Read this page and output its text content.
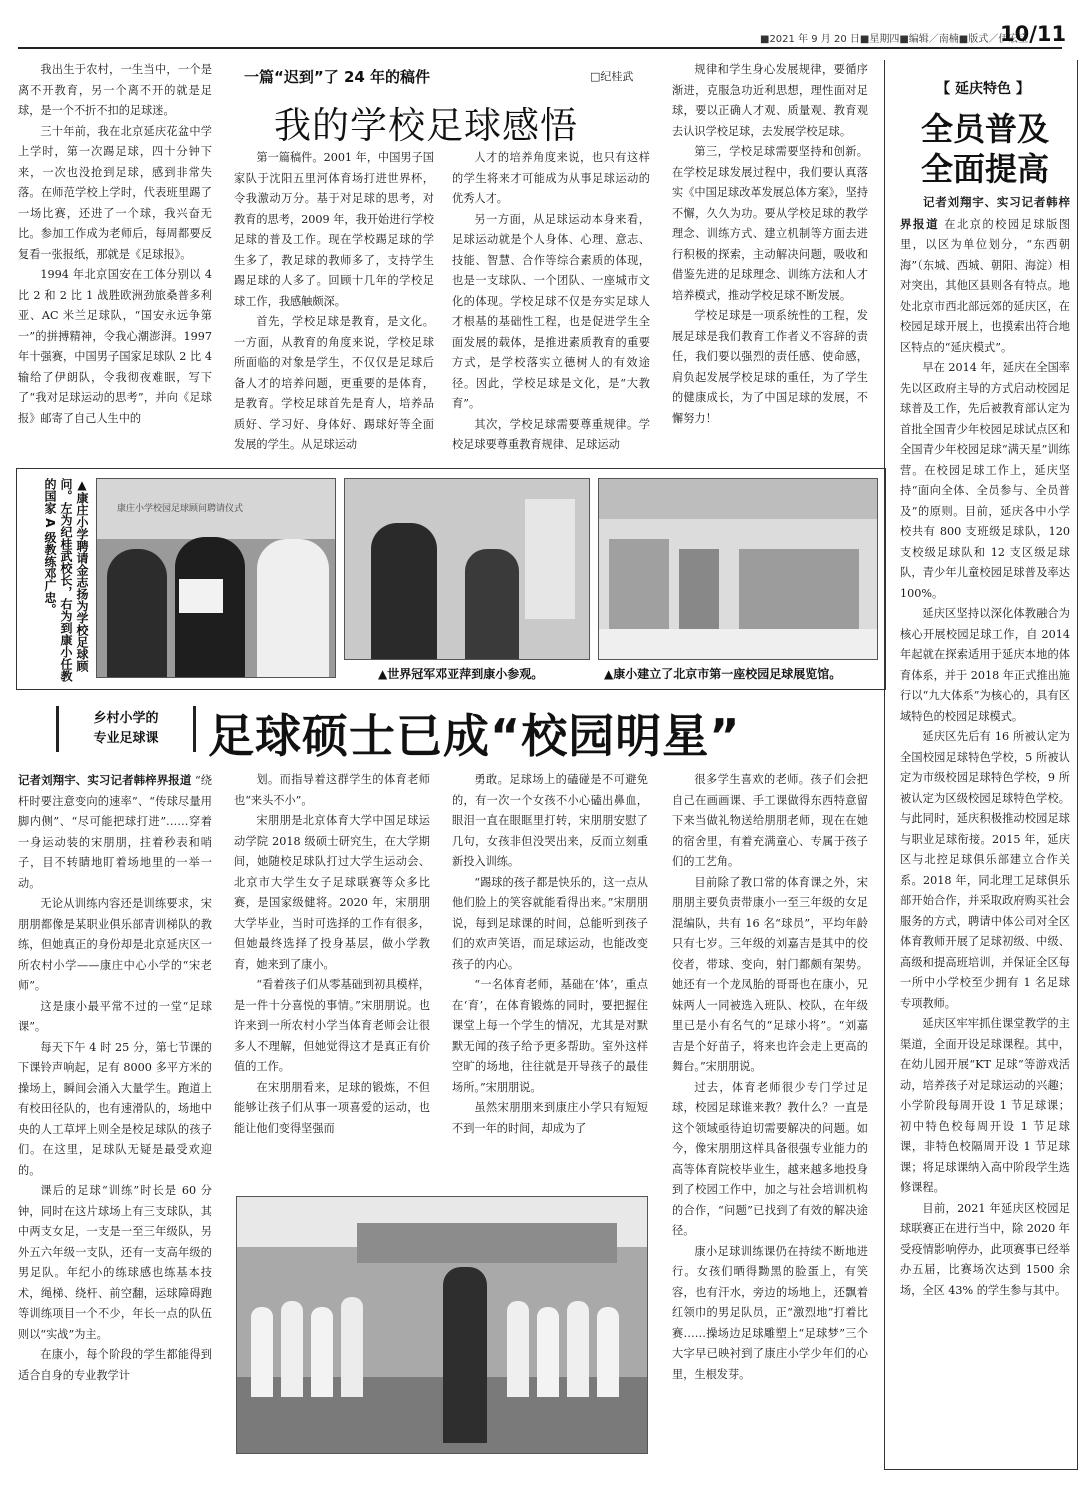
■2021 年 9 月 20 日■星期四■编辑／南楠■版式／伊宏宝
10/11

我出生于农村，一生当中，一个是离不开教育，另一个离不开的就是足球，是一个不折不扣的足球迷。

三十年前，我在北京延庆花盆中学上学时，第一次踢足球，四十分钟下来，一次也没抢到足球，感到非常失落。在师范学校上学时，代表班里踢了一场比赛，还进了一个球，我兴奋无比。参加工作成为老师后，每周都要反复看一张报纸，那就是《足球报》。

1994 年北京国安在工体分别以 4 比 2 和 2 比 1 战胜欧洲劲旅桑普多利亚、AC 米兰足球队，“国安永远争第一”的拼搏精神，令我心潮澎湃。1997 年十强赛，中国男子国家足球队 2 比 4 输给了伊朗队，令我彻夜难眠，写下了“我对足球运动的思考”，并向《足球报》邮寄了自己人生中的

一篇“迟到”了 24 年的稿件	□纪桂武
我的学校足球感悟

第一篇稿件。2001 年，中国男子国家队于沈阳五里河体育场打进世界杯，令我激动万分。基于对足球的思考，对教育的思考，2009 年，我开始进行学校足球的普及工作。现在学校踢足球的学生多了，教足球的教师多了，支持学生踢足球的人多了。回顾十几年的学校足球工作，我感触颇深。

首先，学校足球是教育，是文化。一方面，从教育的角度来说，学校足球所面临的对象是学生，不仅仅是足球后备人才的培养问题，更重要的是体育，是教育。学校足球首先是育人，培养品质好、学习好、身体好、踢球好等全面发展的学生。从足球运动

人才的培养角度来说，也只有这样的学生将来才可能成为从事足球运动的优秀人才。

另一方面，从足球运动本身来看，足球运动就是个人身体、心理、意志、技能、智慧、合作等综合素质的体现，也是一支球队、一个团队、一座城市文化的体现。学校足球不仅是夯实足球人才根基的基础性工程，也是促进学生全面发展的载体，是推进素质教育的重要方式，是学校落实立德树人的有效途径。因此，学校足球是文化，是“大教育”。

其次，学校足球需要尊重规律。学校足球要尊重教育规律、足球运动

规律和学生身心发展规律，要循序渐进，克服急功近利思想，理性面对足球，要以正确人才观、质量观、教育观去认识学校足球，去发展学校足球。

第三，学校足球需要坚持和创新。在学校足球发展过程中，我们要认真落实《中国足球改革发展总体方案》，坚持不懈，久久为功。要从学校足球的教学理念、训练方式、建立机制等方面去进行积极的探索，主动解决问题，吸收和借鉴先进的足球理念、训练方法和人才培养模式，推动学校足球不断发展。

学校足球是一项系统性的工程，发展足球是我们教育工作者义不容辞的责任，我们要以强烈的责任感、使命感，肩负起发展学校足球的重任，为了学生的健康成长，为了中国足球的发展，不懈努力！

▲康庄小学聘请金志扬为学校足球顾问。左为纪桂武校长，右为到康小任教的国家 A 级教练邓广忠。	康庄小学校园足球顾问聘请仪式
▲世界冠军邓亚萍到康小参观。	▲康小建立了北京市第一座校园足球展览馆。
乡村小学的
专业足球课	足球硕士已成“校园明星”
记者刘翔宇、实习记者韩梓界报道 “绕杆时要注意变向的速率”、“传球尽量用脚内侧”、“尽可能把球打进”……穿着一身运动装的宋朋朋，拄着秒表和哨子，目不转睛地盯着场地里的一举一动。

无论从训练内容还是训练要求，宋朋朋都像是某职业俱乐部青训梯队的教练，但她真正的身份却是北京延庆区一所农村小学——康庄中心小学的“宋老师”。

这是康小最平常不过的一堂“足球课”。

每天下午 4 时 25 分，第七节课的下课铃声响起，足有 8000 多平方米的操场上，瞬间会涌入大量学生。跑道上有校田径队的，也有速滑队的，场地中央的人工草坪上则全是校足球队的孩子们。在这里，足球队无疑是最受欢迎的。

课后的足球“训练”时长是 60 分钟，同时在这片球场上有三支球队，其中两支女足，一支是一至三年级队，另外五六年级一支队，还有一支高年级的男足队。年纪小的练球感也练基本技术，绳梯、绕杆、前空翻，运球障碍跑等训练项目一个不少，年长一点的队伍则以“实战”为主。

在康小，每个阶段的学生都能得到适合自身的专业教学计

划。而指导着这群学生的体育老师也“来头不小”。

宋朋朋是北京体育大学中国足球运动学院 2018 级硕士研究生，在大学期间，她随校足球队打过大学生运动会、北京市大学生女子足球联赛等众多比赛，是国家级健将。2020 年，宋朋朋大学毕业，当时可选择的工作有很多，但她最终选择了投身基层，做小学教育，她来到了康小。

“看着孩子们从零基础到初具模样，是一件十分喜悦的事情。”宋朋朋说。也许来到一所农村小学当体育老师会让很多人不理解，但她觉得这才是真正有价值的工作。

在宋朋朋看来，足球的锻炼，不但能够让孩子们从事一项喜爱的运动，也能让他们变得坚强而

勇敢。足球场上的磕碰是不可避免的，有一次一个女孩不小心磕出鼻血，眼泪一直在眼眶里打转，宋朋朋安慰了几句，女孩非但没哭出来，反而立刻重新投入训练。

“踢球的孩子都是快乐的，这一点从他们脸上的笑容就能看得出来。”宋朋朋说，每到足球课的时间，总能听到孩子们的欢声笑语，而足球运动，也能改变孩子的内心。

“一名体育老师，基础在‘体’，重点在‘育’，在体育锻炼的同时，要把握住课堂上每一个学生的情况，尤其是对默默无闻的孩子给予更多帮助。室外这样空旷的场地，往往就是开导孩子的最佳场所。”宋朋朋说。

虽然宋朋朋来到康庄小学只有短短不到一年的时间，却成为了

很多学生喜欢的老师。孩子们会把自己在画画课、手工课做得东西特意留下来当做礼物送给朋朋老师，现在在她的宿舍里，有着充满童心、专属于孩子们的工艺角。

目前除了教口常的体育课之外，宋朋朋主要负责带康小一至三年级的女足混编队，共有 16 名“球员”，平均年龄只有七岁。三年级的刘嘉吉是其中的佼佼者，带球、变向，射门都颇有架势。她还有一个龙凤胎的哥哥也在康小，兄妹两人一同被选入班队、校队，在年级里已是小有名气的“足球小将”。“刘嘉吉是个好苗子，将来也许会走上更高的舞台。”宋朋朋说。

过去，体育老师很少专门学过足球，校园足球谁来教？教什么？一直是这个领域亟待迫切需要解决的问题。如今，像宋朋朋这样具备很强专业能力的高等体育院校毕业生，越来越多地投身到了校园工作中，加之与社会培训机构的合作，“问题”已找到了有效的解决途径。

康小足球训练课仍在持续不断地进行。女孩们晒得黝黑的脸蛋上，有笑容，也有汗水，旁边的场地上，还飘着红领巾的男足队员，正“激烈地”打着比赛……操场边足球雕塑上“足球梦”三个大字早已映衬到了康庄小学少年们的心里，生根发芽。

【 延庆特色 】
全员普及
全面提高
记者刘翔宇、实习记者韩梓界报道 在北京的校园足球版图里，以区为单位划分，“东西朝海”（东城、西城、朝阳、海淀）相对突出，其他区县则各有特点。地处北京市西北部远郊的延庆区，在校园足球开展上，也摸索出符合地区特点的“延庆模式”。

早在 2014 年，延庆在全国率先以区政府主导的方式启动校园足球普及工作，先后被教育部认定为首批全国青少年校园足球试点区和全国青少年校园足球“满天星”训练营。在校园足球工作上，延庆坚持“面向全体、全员参与、全员普及”的原则。目前，延庆各中小学校共有 800 支班级足球队，120 支校级足球队和 12 支区级足球队，青少年儿童校园足球普及率达 100%。

延庆区坚持以深化体教融合为核心开展校园足球工作，自 2014 年起就在探索适用于延庆本地的体育体系，并于 2018 年正式推出施行以“九大体系”为核心的，具有区域特色的校园足球模式。

延庆区先后有 16 所被认定为全国校园足球特色学校，5 所被认定为市级校园足球特色学校，9 所被认定为区级校园足球特色学校。与此同时，延庆积极推动校园足球与职业足球衔接。2015 年，延庆区与北控足球俱乐部建立合作关系。2018 年，同北理工足球俱乐部开始合作，并采取政府购买社会服务的方式，聘请中体公司对全区体育教师开展了足球初级、中级、高级和提高班培训，并保证全区每一所中小学校至少拥有 1 名足球专项教师。

延庆区牢牢抓住课堂教学的主渠道，全面开设足球课程。其中，在幼儿园开展“KT 足球”等游戏活动，培养孩子对足球运动的兴趣；小学阶段每周开设 1 节足球课；初中特色校每周开设 1 节足球课，非特色校隔周开设 1 节足球课；将足球课纳入高中阶段学生选修课程。

目前，2021 年延庆区校园足球联赛正在进行当中，除 2020 年受疫情影响停办，此项赛事已经举办五届，比赛场次达到 1500 余场，全区 43% 的学生参与其中。
